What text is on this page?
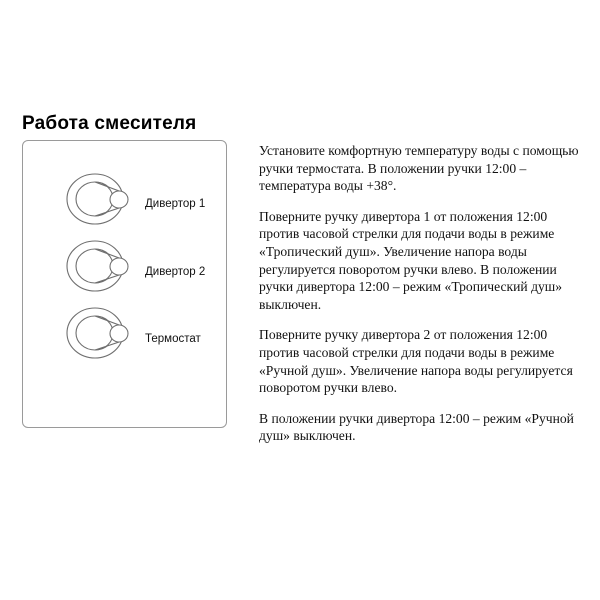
Работа смесителя
Дивертор 1
Дивертор 2
Термостат

Установите комфортную температуру воды с помощью ручки термостата. В положении ручки 12:00 – температура воды +38°.

Поверните ручку дивертора 1 от положения 12:00 против часовой стрелки для подачи воды в режиме «Тропический душ». Увеличение напора воды регулируется поворотом ручки влево. В положении ручки дивертора 12:00 – режим «Тропический душ» выключен.

Поверните ручку дивертора 2 от положения 12:00 против часовой стрелки для подачи воды в режиме «Ручной душ». Увеличение напора воды регулируется поворотом ручки влево.

В положении ручки дивертора 12:00 – режим «Ручной душ» выключен.
